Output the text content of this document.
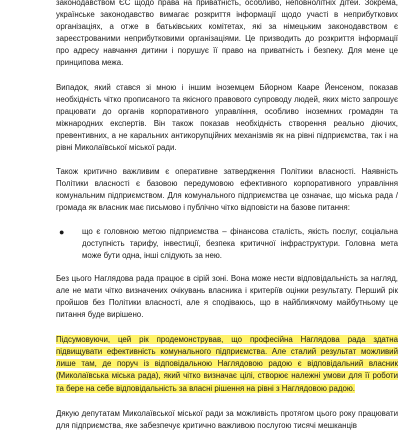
законодавством ЄС щодо права на приватність, особливо, неповнолітніх дітей. Зокрема, українське законодавство вимагає розкриття інформації щодо участі в неприбуткових організаціях, а отже в батьківських комітетах, які за німецьким законодавством є зареєстрованими неприбутковими організаціями. Це призводить до розкриття інформації про адресу навчання дитини і порушує її право на приватність і безпеку. Для мене це принципова межа.

Випадок, який стався зі мною і іншим іноземцем Бйорном Кааре Йенсеном, показав необхідність чітко прописаного та якісного правового супроводу людей, яких місто запрошує працювати до органів корпоративного управління, особливо іноземних громадян та міжнародних експертів. Він також показав необхідність створення реально діючих, превентивних, а не каральних антикорупційних механізмів як на рівні підприємства, так і на рівні Миколаївської міської ради.

Також критично важливим є оперативне затвердження Політики власності. Наявність Політики власності є базовою передумовою ефективного корпоративного управління комунальним підприємством. Для комунального підприємства це означає, що міська рада / громада як власник має письмово і публічно чітко відповісти на базове питання:

● що є головною метою підприємства – фінансова сталість, якість послуг, соціальна доступність тарифу, інвестиції, безпека критичної інфраструктури. Головна мета може бути одна, інші слідують за нею.

Без цього Наглядова рада працює в сірій зоні. Вона може нести відповідальність за нагляд, але не мати чітко визначених очікувань власника і критеріїв оцінки результату. Перший рік пройшов без Політики власності, але я сподіваюсь, що в найближчому майбутньому це питання буде вирішено.

Підсумовуючи, цей рік продемонстрував, що професійна Наглядова рада здатна підвищувати ефективність комунального підприємства. Але сталий результат можливий лише там, де поруч із відповідальною Наглядовою радою є відповідальний власник (Миколаївська міська рада), який чітко визначає цілі, створює належні умови для її роботи та бере на себе відповідальність за власні рішення на рівні з Наглядовою радою.

Дякую депутатам Миколаївської міської ради за можливість протягом цього року працювати для підприємства, яке забезпечує критично важливою послугою тисячі мешканців
